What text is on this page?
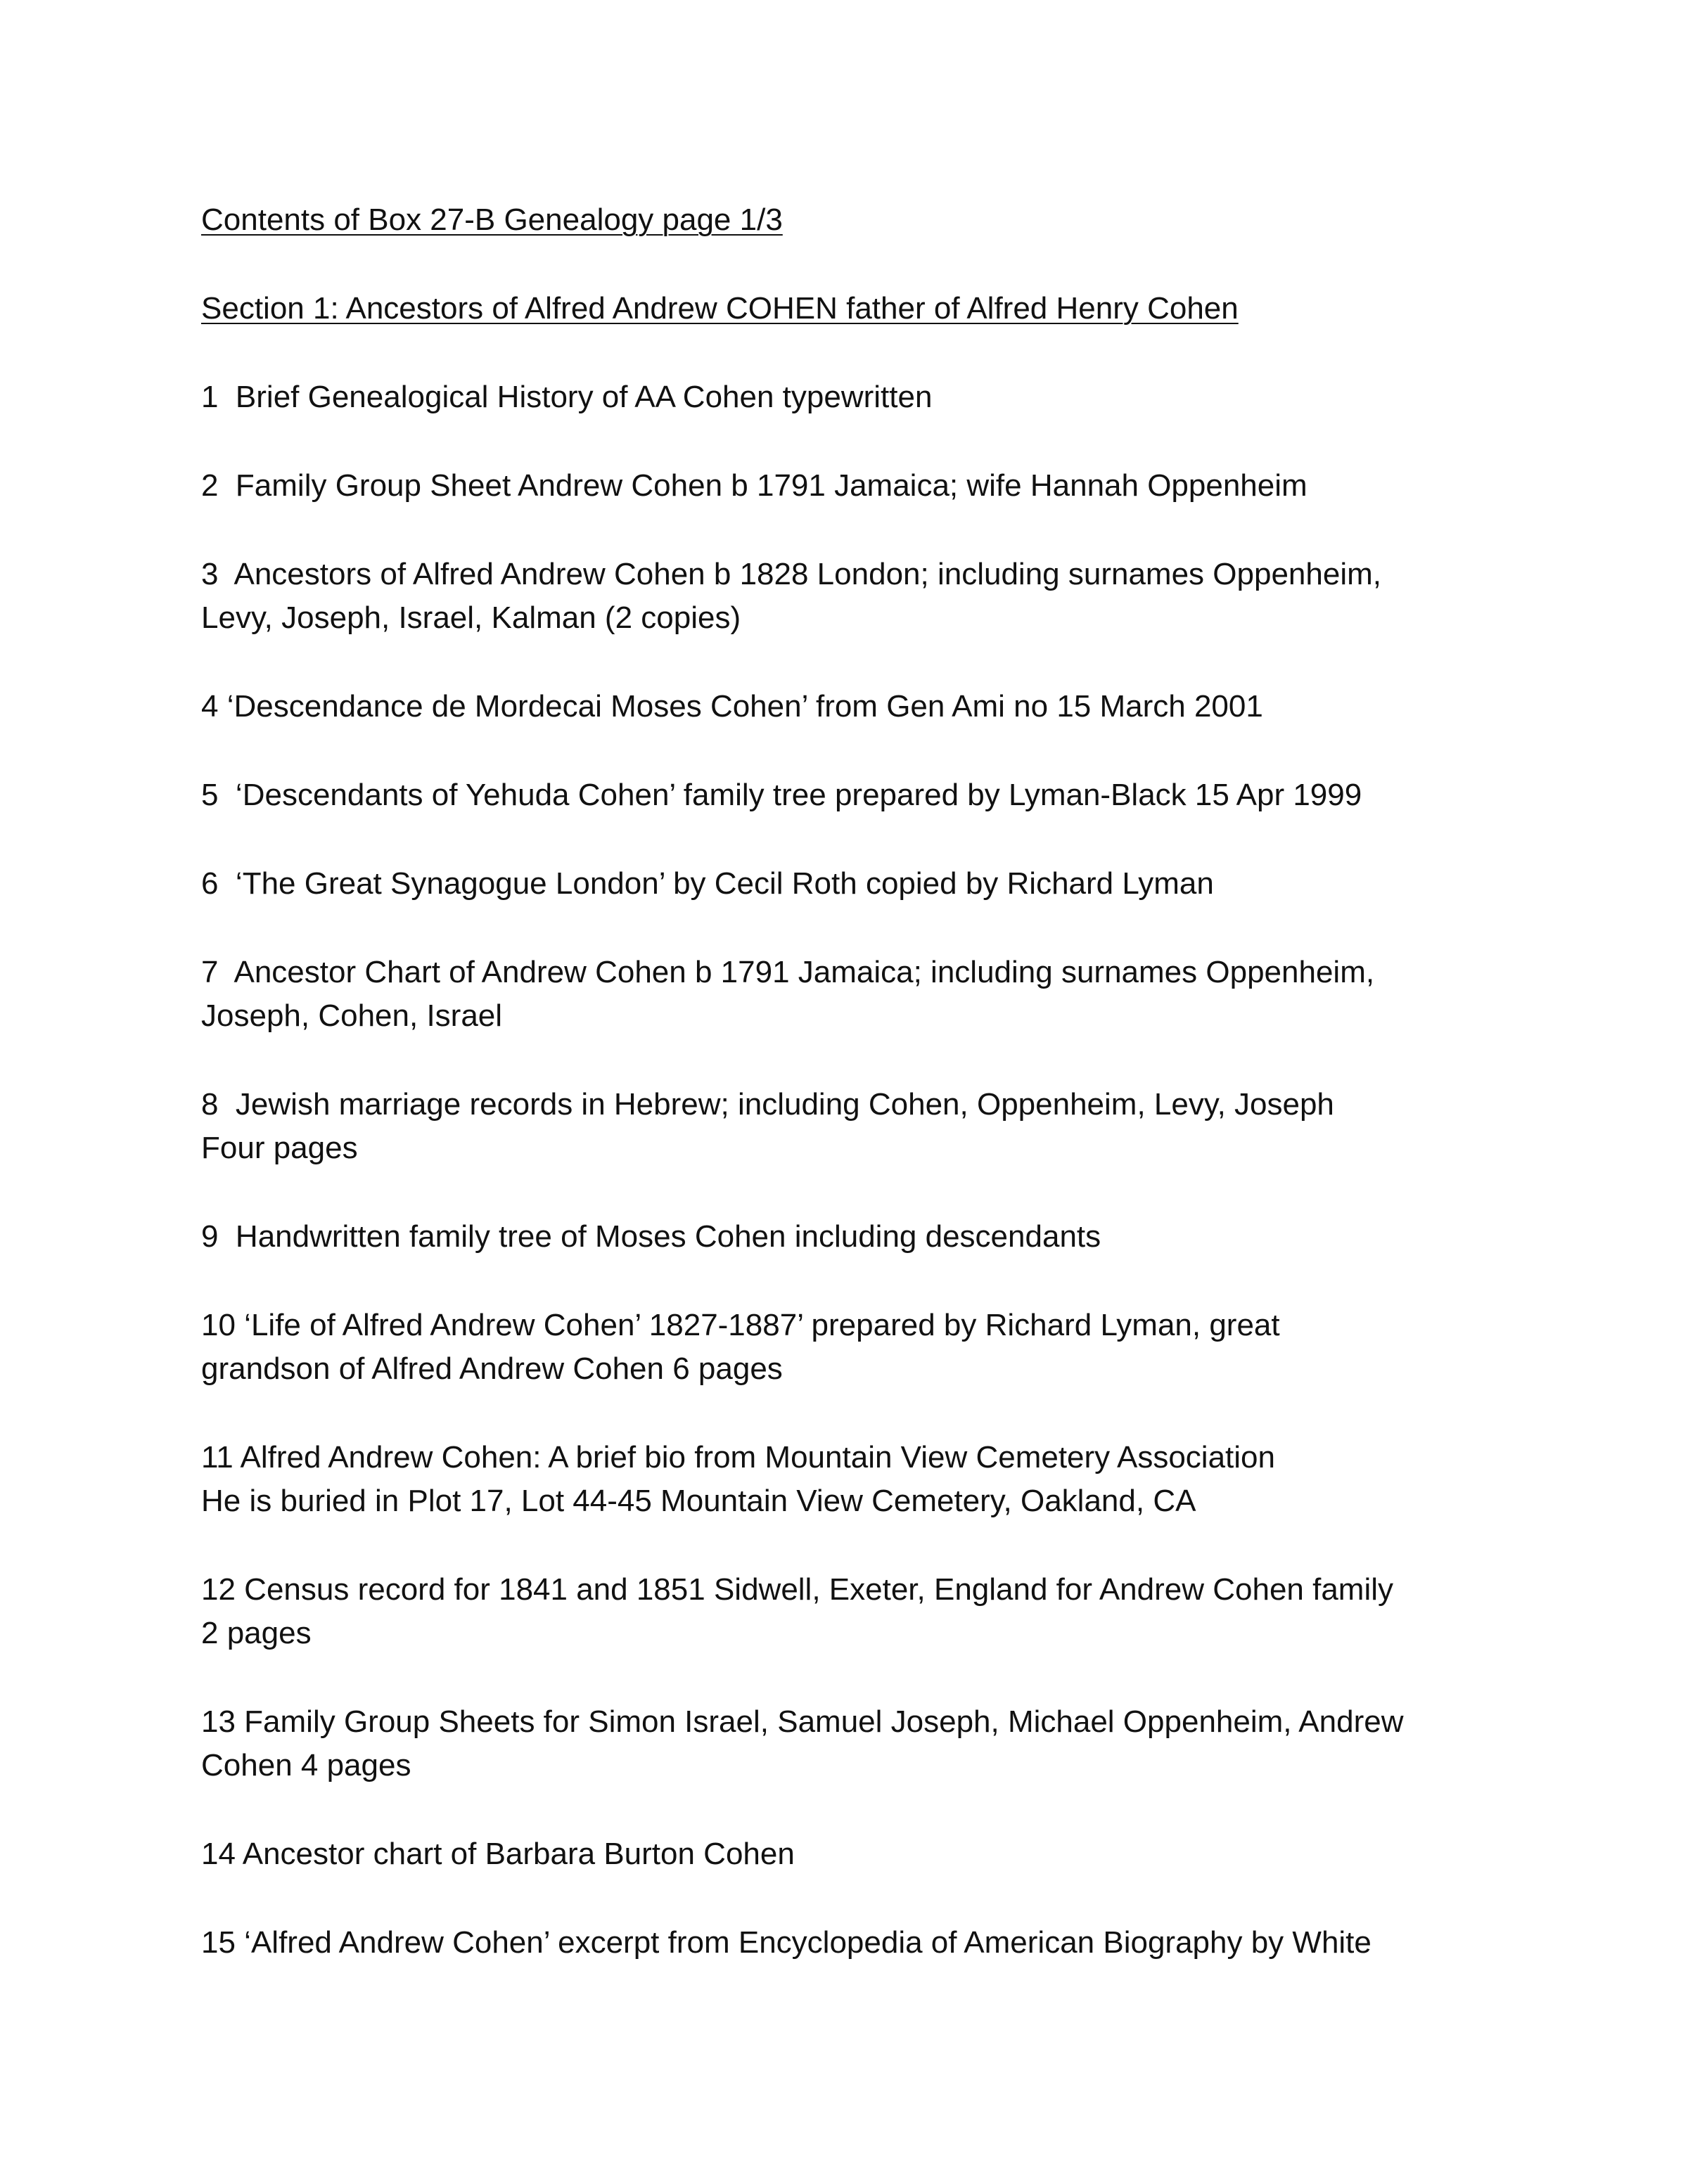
Contents of Box 27-B Genealogy page 1/3

Section 1: Ancestors of Alfred Andrew COHEN father of Alfred Henry Cohen

1  Brief Genealogical History of AA Cohen typewritten

2  Family Group Sheet Andrew Cohen b 1791 Jamaica; wife Hannah Oppenheim

3  Ancestors of Alfred Andrew Cohen b 1828 London; including surnames Oppenheim,
Levy, Joseph, Israel, Kalman (2 copies)

4 ‘Descendance de Mordecai Moses Cohen’ from Gen Ami no 15 March 2001

5  ‘Descendants of Yehuda Cohen’ family tree prepared by Lyman-Black 15 Apr 1999

6  ‘The Great Synagogue London’ by Cecil Roth copied by Richard Lyman

7  Ancestor Chart of Andrew Cohen b 1791 Jamaica; including surnames Oppenheim,
Joseph, Cohen, Israel

8  Jewish marriage records in Hebrew; including Cohen, Oppenheim, Levy, Joseph
Four pages

9  Handwritten family tree of Moses Cohen including descendants

10 ‘Life of Alfred Andrew Cohen’ 1827-1887’ prepared by Richard Lyman, great
grandson of Alfred Andrew Cohen 6 pages

11 Alfred Andrew Cohen: A brief bio from Mountain View Cemetery Association
He is buried in Plot 17, Lot 44-45 Mountain View Cemetery, Oakland, CA

12 Census record for 1841 and 1851 Sidwell, Exeter, England for Andrew Cohen family
2 pages

13 Family Group Sheets for Simon Israel, Samuel Joseph, Michael Oppenheim, Andrew
Cohen 4 pages

14 Ancestor chart of Barbara Burton Cohen

15 ‘Alfred Andrew Cohen’ excerpt from Encyclopedia of American Biography by White
